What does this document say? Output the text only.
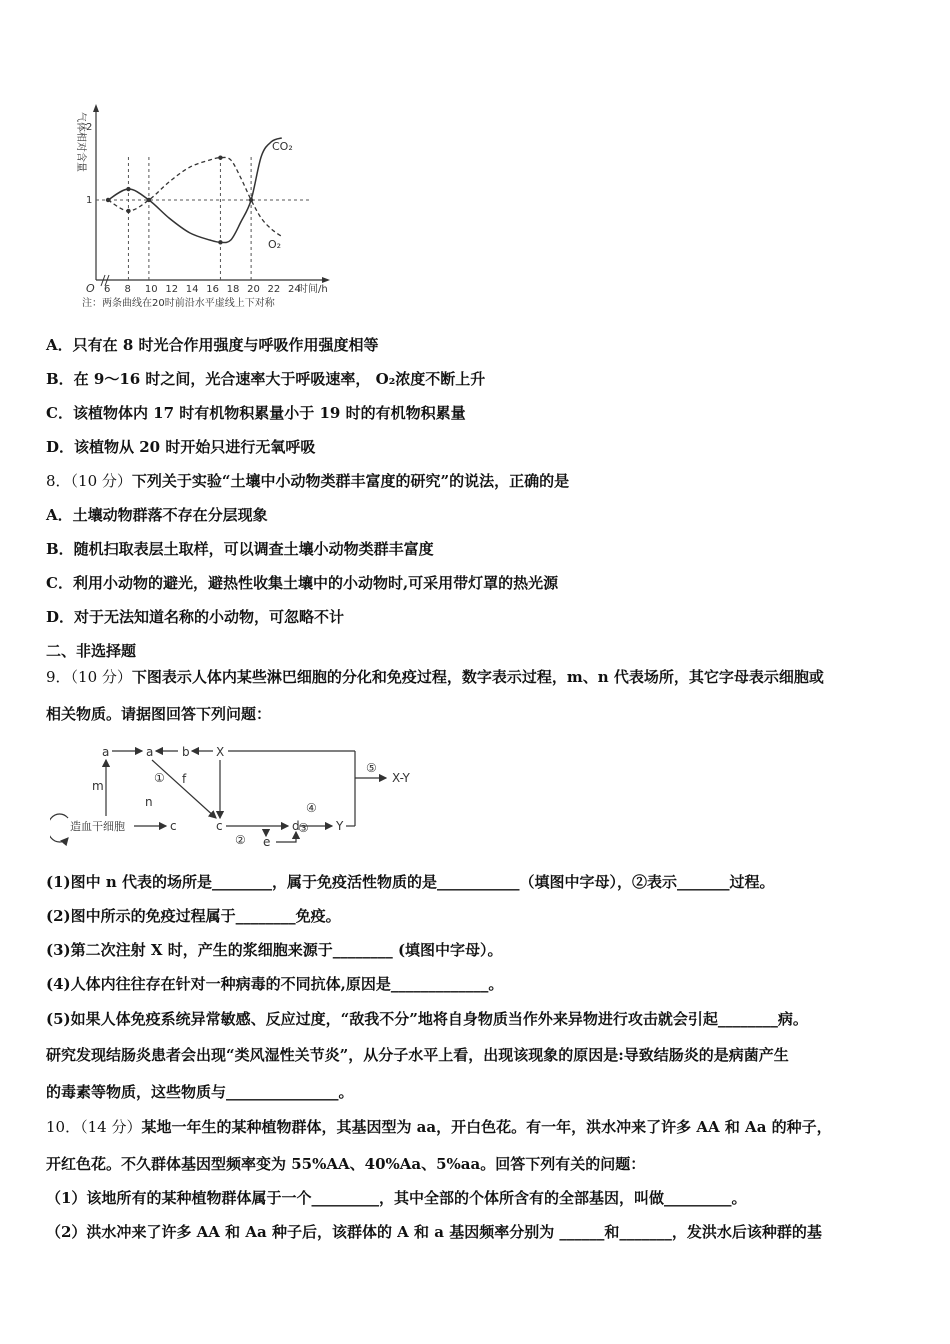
气体相对含量 2
1
O 6 8 10 12 14 16 18 20 22 24
时间/h
CO₂
O₂
注：两条曲线在20时前沿水平虚线上下对称
A．只有在 8 时光合作用强度与呼吸作用强度相等
B．在 9～16 时之间，光合速率大于呼吸速率， O₂浓度不断上升
C．该植物体内 17 时有机物积累量小于 19 时的有机物积累量
D．该植物从 20 时开始只进行无氧呼吸
8．（10 分）下列关于实验“土壤中小动物类群丰富度的研究”的说法，正确的是
A．土壤动物群落不存在分层现象
B．随机扫取表层土取样，可以调查土壤小动物类群丰富度
C．利用小动物的避光，避热性收集土壤中的小动物时,可采用带灯罩的热光源
D．对于无法知道名称的小动物，可忽略不计
二、非选择题
9．（10 分）下图表示人体内某些淋巴细胞的分化和免疫过程，数字表示过程，m、n 代表场所，其它字母表示细胞或
相关物质。请据图回答下列问题：
a	a b X
m	f
①
⑤
X-Y
n
c	c	d
④
Y
② e
③
造血干细胞
(1)图中 n 代表的场所是________，属于免疫活性物质的是___________（填图中字母），②表示_______过程。
(2)图中所示的免疫过程属于________免疫。
(3)第二次注射 X 时，产生的浆细胞来源于________ (填图中字母）。
(4)人体内往往存在针对一种病毒的不同抗体,原因是_____________。
(5)如果人体免疫系统异常敏感、反应过度，“敌我不分”地将自身物质当作外来异物进行攻击就会引起________病。
研究发现结肠炎患者会出现“类风湿性关节炎”，从分子水平上看，出现该现象的原因是:导致结肠炎的是病菌产生
的毒素等物质，这些物质与_______________。
10．（14 分）某地一年生的某种植物群体，其基因型为 aa，开白色花。有一年，洪水冲来了许多 AA 和 Aa 的种子，
开红色花。不久群体基因型频率变为 55%AA、40%Aa、5%aa。回答下列有关的问题：
（1）该地所有的某种植物群体属于一个_________，其中全部的个体所含有的全部基因，叫做_________。
（2）洪水冲来了许多 AA 和 Aa 种子后，该群体的 A 和 a 基因频率分别为 ______和_______，发洪水后该种群的基
